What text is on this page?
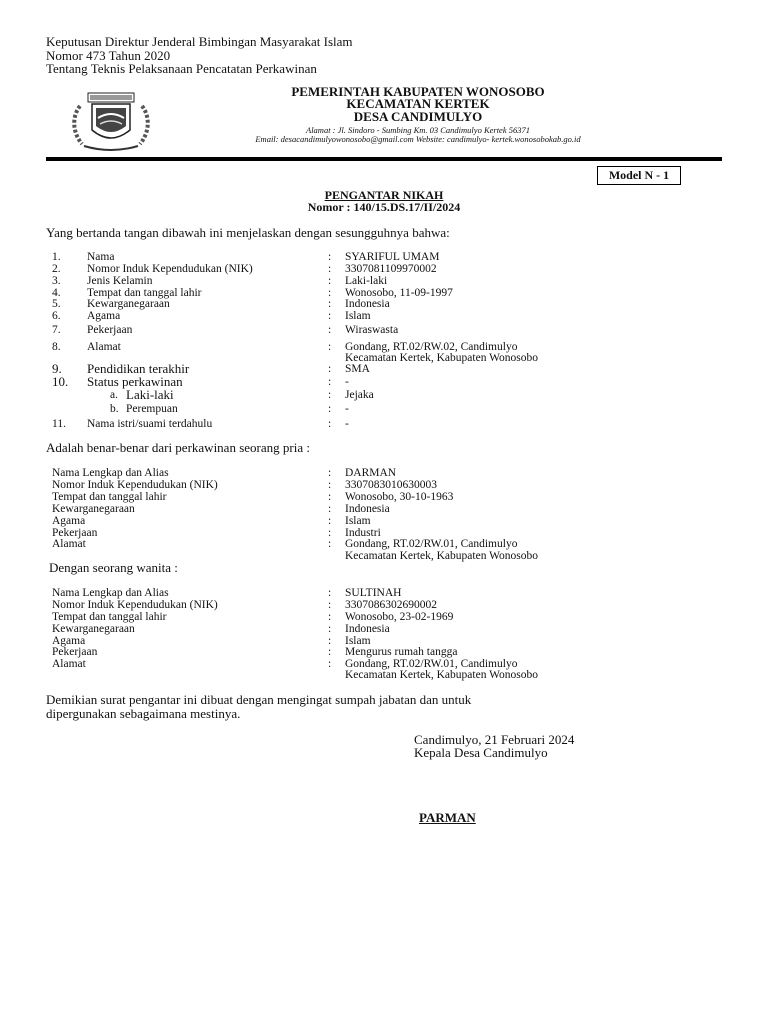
Keputusan Direktur Jenderal Bimbingan Masyarakat Islam
Nomor 473 Tahun 2020
Tentang Teknis Pelaksanaan Pencatatan Perkawinan
PEMERINTAH KABUPATEN WONOSOBO
KECAMATAN KERTEK
DESA CANDIMULYO
Alamat : Jl. Sindoro - Sumbing Km. 03 Candimulyo Kertek 56371
Email: desacandimulyowonosobo@gmail.com Website: candimulyo- kertek.wonosobokab.go.id
Model N - 1
PENGANTAR NIKAH
Nomor : 140/15.DS.17/II/2024
Yang bertanda tangan dibawah ini menjelaskan dengan sesungguhnya bahwa:
1. Nama	: SYARIFUL UMAM
2. Nomor Induk Kependudukan (NIK)	: 3307081109970002
3. Jenis Kelamin	: Laki-laki
4. Tempat dan tanggal lahir	: Wonosobo, 11-09-1997
5. Kewarganegaraan	: Indonesia
6. Agama	: Islam
7. Pekerjaan	: Wiraswasta
8. Alamat	: Gondang, RT.02/RW.02, Candimulyo
Kecamatan Kertek, Kabupaten Wonosobo
9. Pendidikan terakhir	: SMA
10. Status perkawinan	: -
a. Laki-laki	: Jejaka
b. Perempuan	: -
11. Nama istri/suami terdahulu	: -
Adalah benar-benar dari perkawinan seorang pria :
Nama Lengkap dan Alias	: DARMAN
Nomor Induk Kependudukan (NIK)	: 3307083010630003
Tempat dan tanggal lahir	: Wonosobo, 30-10-1963
Kewarganegaraan	: Indonesia
Agama	: Islam
Pekerjaan	: Industri
Alamat	: Gondang, RT.02/RW.01, Candimulyo
Kecamatan Kertek, Kabupaten Wonosobo
Dengan seorang wanita :
Nama Lengkap dan Alias	: SULTINAH
Nomor Induk Kependudukan (NIK)	: 3307086302690002
Tempat dan tanggal lahir	: Wonosobo, 23-02-1969
Kewarganegaraan	: Indonesia
Agama	: Islam
Pekerjaan	: Mengurus rumah tangga
Alamat	: Gondang, RT.02/RW.01, Candimulyo
Kecamatan Kertek, Kabupaten Wonosobo
Demikian surat pengantar ini dibuat dengan mengingat sumpah jabatan dan untuk
dipergunakan sebagaimana mestinya.
Candimulyo, 21 Februari 2024
Kepala Desa Candimulyo
PARMAN
